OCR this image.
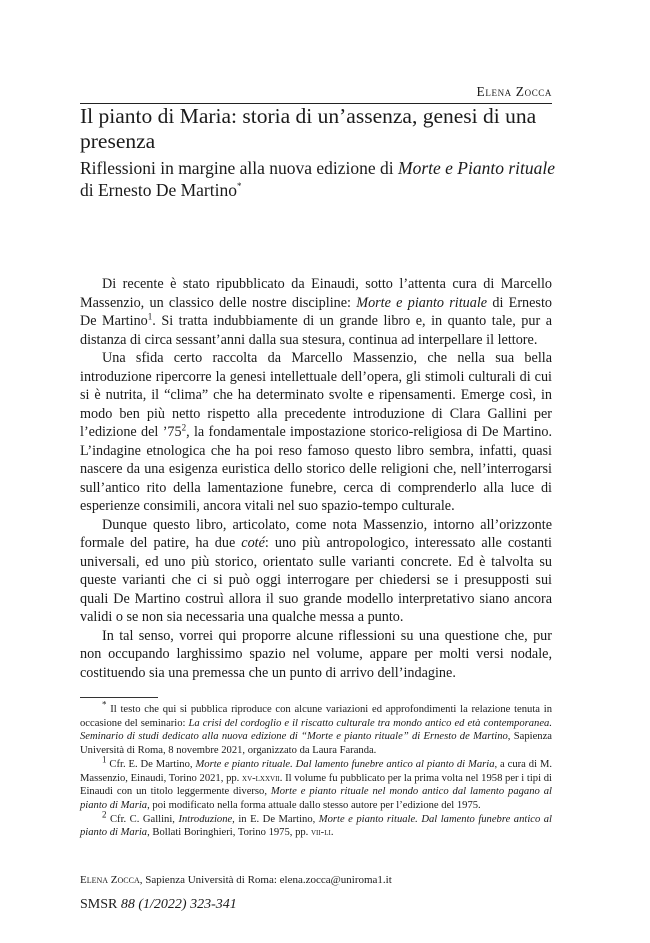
Elena Zocca
Il pianto di Maria: storia di un’assenza, genesi di una presenza
Riflessioni in margine alla nuova edizione di Morte e Pianto rituale di Ernesto De Martino*

Di recente è stato ripubblicato da Einaudi, sotto l’attenta cura di Marcello Massenzio, un classico delle nostre discipline: Morte e pianto rituale di Ernesto De Martino$^1$. Si tratta indubbiamente di un grande libro e, in quanto tale, pur a distanza di circa sessant’anni dalla sua stesura, continua ad interpellare il lettore.

Una sfida certo raccolta da Marcello Massenzio, che nella sua bella introduzione ripercorre la genesi intellettuale dell’opera, gli stimoli culturali di cui si è nutrita, il “clima” che ha determinato svolte e ripensamenti. Emerge così, in modo ben più netto rispetto alla precedente introduzione di Clara Gallini per l’edizione del $’75^2$, la fondamentale impostazione storico-religiosa di De Martino. L’indagine etnologica che ha poi reso famoso questo libro sembra, infatti, quasi nascere da una esigenza euristica dello storico delle religioni che, nell’interrogarsi sull’antico rito della lamentazione funebre, cerca di comprenderlo alla luce di esperienze consimili, ancora vitali nel suo spazio-tempo culturale.

Dunque questo libro, articolato, come nota Massenzio, intorno all’orizzonte formale del patire, ha due coté: uno più antropologico, interessato alle costanti universali, ed uno più storico, orientato sulle varianti concrete. Ed è talvolta su queste varianti che ci si può oggi interrogare per chiedersi se i presupposti sui quali De Martino costruì allora il suo grande modello interpretativo siano ancora validi o se non sia necessaria una qualche messa a punto.

In tal senso, vorrei qui proporre alcune riflessioni su una questione che, pur non occupando larghissimo spazio nel volume, appare per molti versi nodale, costituendo sia una premessa che un punto di arrivo dell’indagine.

* Il testo che qui si pubblica riproduce con alcune variazioni ed approfondimenti la relazione tenuta in occasione del seminario: La crisi del cordoglio e il riscatto culturale tra mondo antico ed età contemporanea. Seminario di studi dedicato alla nuova edizione di “Morte e pianto rituale” di Ernesto de Martino, Sapienza Università di Roma, 8 novembre 2021, organizzato da Laura Faranda.

$^1$ Cfr. E. De Martino, Morte e pianto rituale. Dal lamento funebre antico al pianto di Maria, a cura di M. Massenzio, Einaudi, Torino 2021, pp. xv-lxxvii. Il volume fu pubblicato per la prima volta nel 1958 per i tipi di Einaudi con un titolo leggermente diverso, Morte e pianto rituale nel mondo antico dal lamento pagano al pianto di Maria, poi modificato nella forma attuale dallo stesso autore per l’edizione del 1975.

$^2$ Cfr. C. Gallini, Introduzione, in E. De Martino, Morte e pianto rituale. Dal lamento funebre antico al pianto di Maria, Bollati Boringhieri, Torino 1975, pp. vii-li.

Elena Zocca, Sapienza Università di Roma: elena.zocca@uniroma1.it
SMSR 88 (1/2022) 323-341
